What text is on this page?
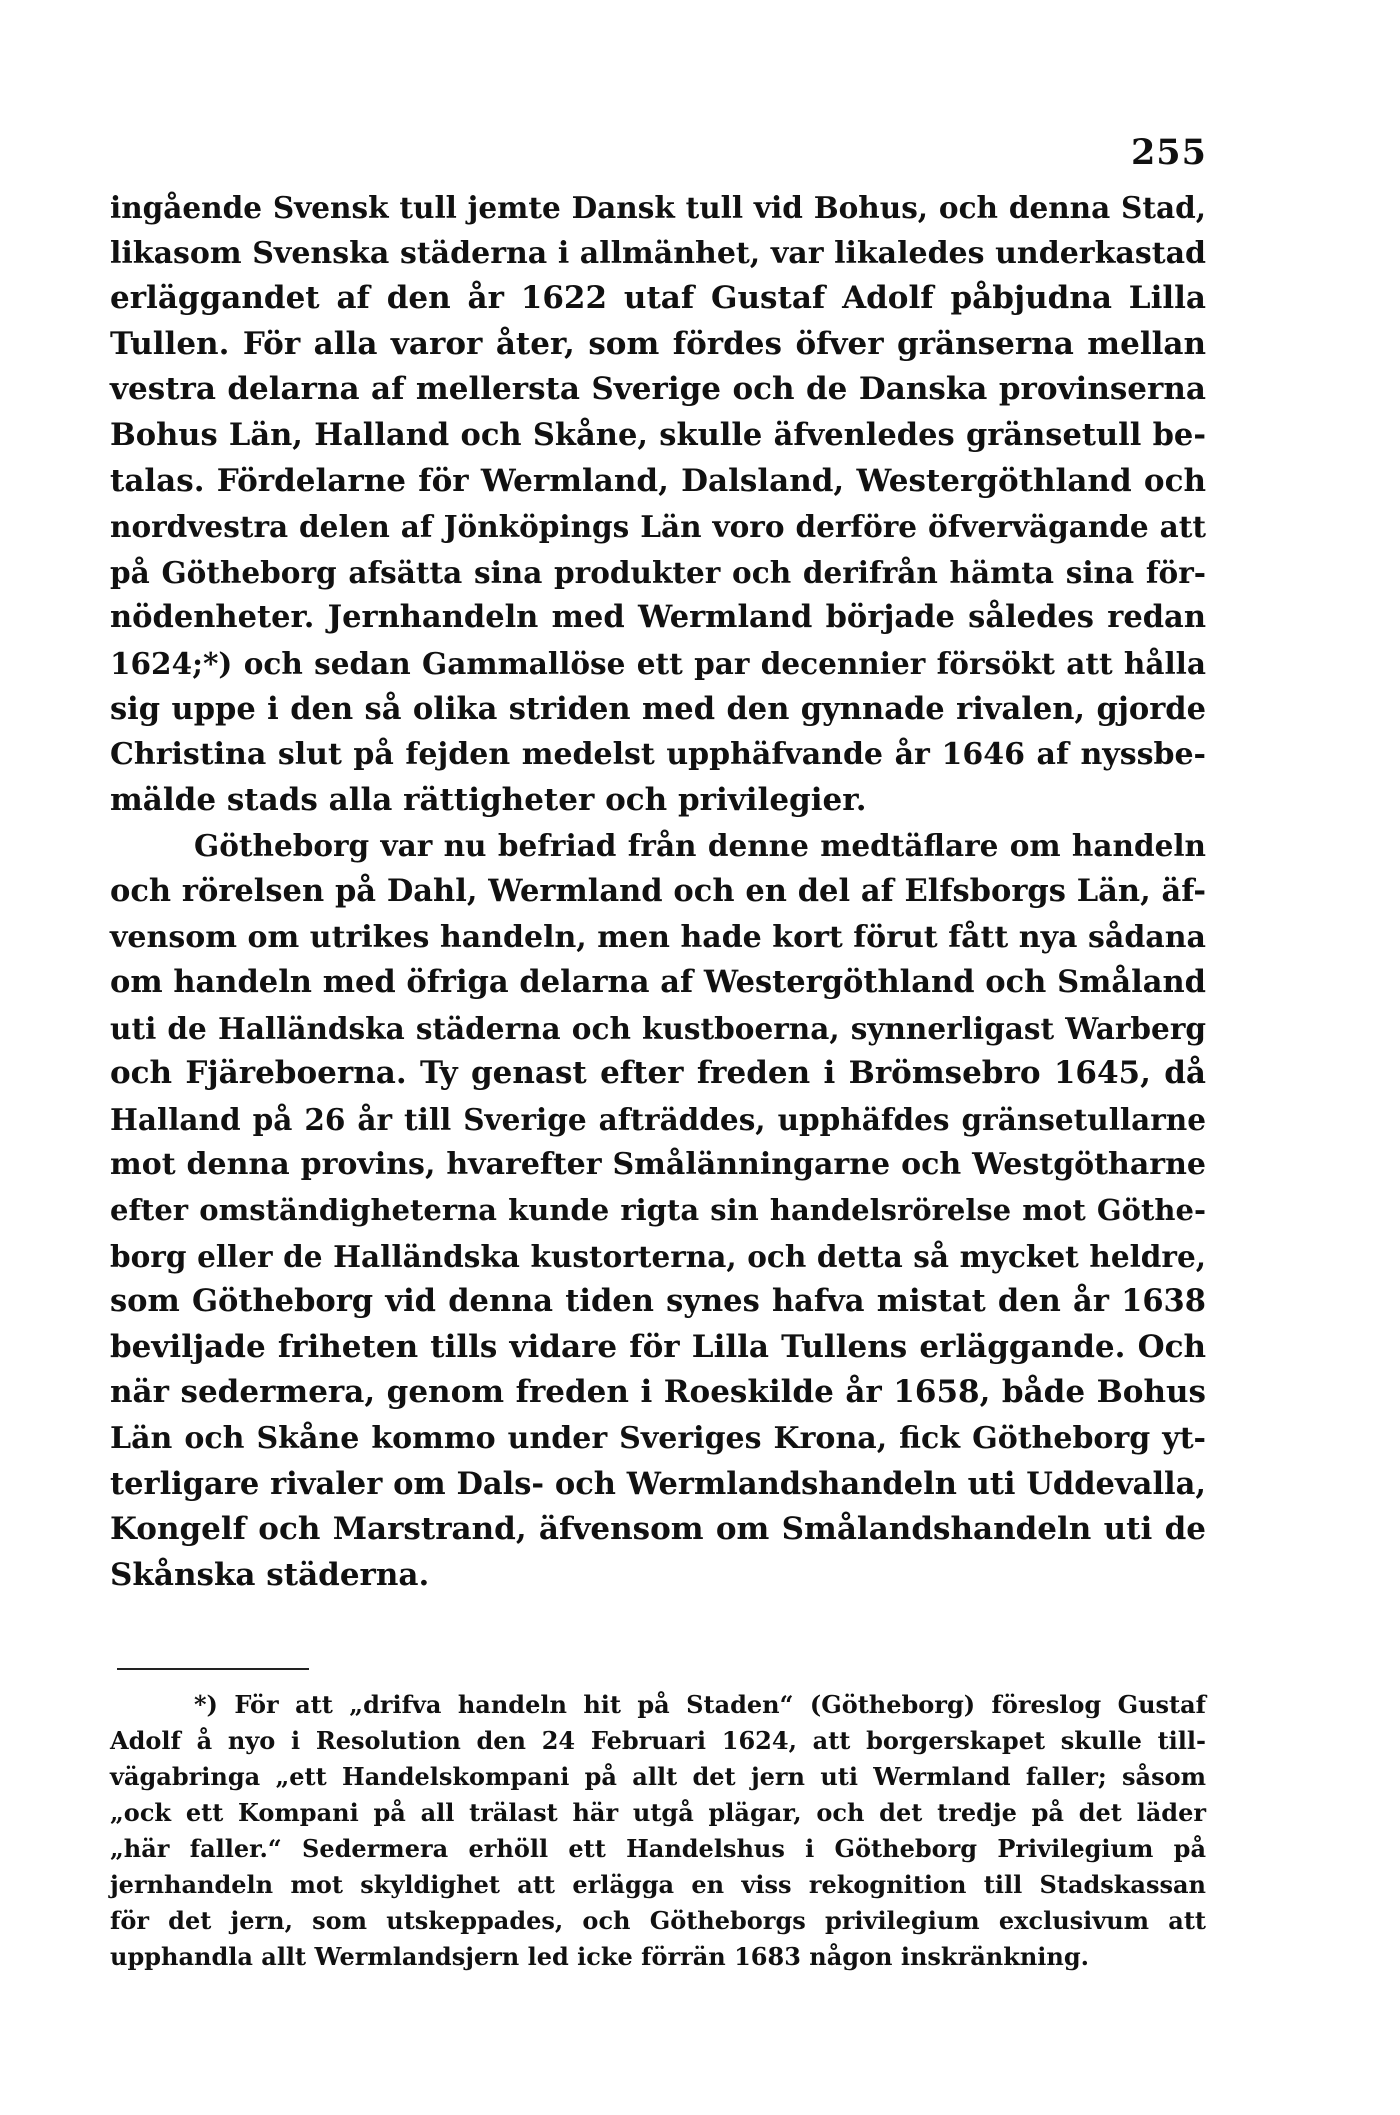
255
ingående Svensk tull jemte Dansk tull vid Bohus, och denna Stad,
likasom Svenska städerna i allmänhet, var likaledes underkastad
erläggandet af den år 1622 utaf Gustaf Adolf påbjudna Lilla
Tullen. För alla varor åter, som fördes öfver gränserna mellan
vestra delarna af mellersta Sverige och de Danska provinserna
Bohus Län, Halland och Skåne, skulle äfvenledes gränsetull be-
talas. Fördelarne för Wermland, Dalsland, Westergöthland och
nordvestra delen af Jönköpings Län voro derföre öfvervägande att
på Götheborg afsätta sina produkter och derifrån hämta sina för-
nödenheter. Jernhandeln med Wermland började således redan
1624;*) och sedan Gammallöse ett par decennier försökt att hålla
sig uppe i den så olika striden med den gynnade rivalen, gjorde
Christina slut på fejden medelst upphäfvande år 1646 af nyssbe-
mälde stads alla rättigheter och privilegier.
Götheborg var nu befriad från denne medtäflare om handeln
och rörelsen på Dahl, Wermland och en del af Elfsborgs Län, äf-
vensom om utrikes handeln, men hade kort förut fått nya sådana
om handeln med öfriga delarna af Westergöthland och Småland
uti de Halländska städerna och kustboerna, synnerligast Warberg
och Fjäreboerna. Ty genast efter freden i Brömsebro 1645, då
Halland på 26 år till Sverige afträddes, upphäfdes gränsetullarne
mot denna provins, hvarefter Smålänningarne och Westgötharne
efter omständigheterna kunde rigta sin handelsrörelse mot Göthe-
borg eller de Halländska kustorterna, och detta så mycket heldre,
som Götheborg vid denna tiden synes hafva mistat den år 1638
beviljade friheten tills vidare för Lilla Tullens erläggande. Och
när sedermera, genom freden i Roeskilde år 1658, både Bohus
Län och Skåne kommo under Sveriges Krona, fick Götheborg yt-
terligare rivaler om Dals- och Wermlandshandeln uti Uddevalla,
Kongelf och Marstrand, äfvensom om Smålandshandeln uti de
Skånska städerna.
*) För att „drifva handeln hit på Staden“ (Götheborg) föreslog Gustaf
Adolf å nyo i Resolution den 24 Februari 1624, att borgerskapet skulle till-
vägabringa „ett Handelskompani på allt det jern uti Wermland faller; såsom
„ock ett Kompani på all trälast här utgå plägar, och det tredje på det läder
„här faller.“ Sedermera erhöll ett Handelshus i Götheborg Privilegium på
jernhandeln mot skyldighet att erlägga en viss rekognition till Stadskassan
för det jern, som utskeppades, och Götheborgs privilegium exclusivum att
upphandla allt Wermlandsjern led icke förrän 1683 någon inskränkning.
